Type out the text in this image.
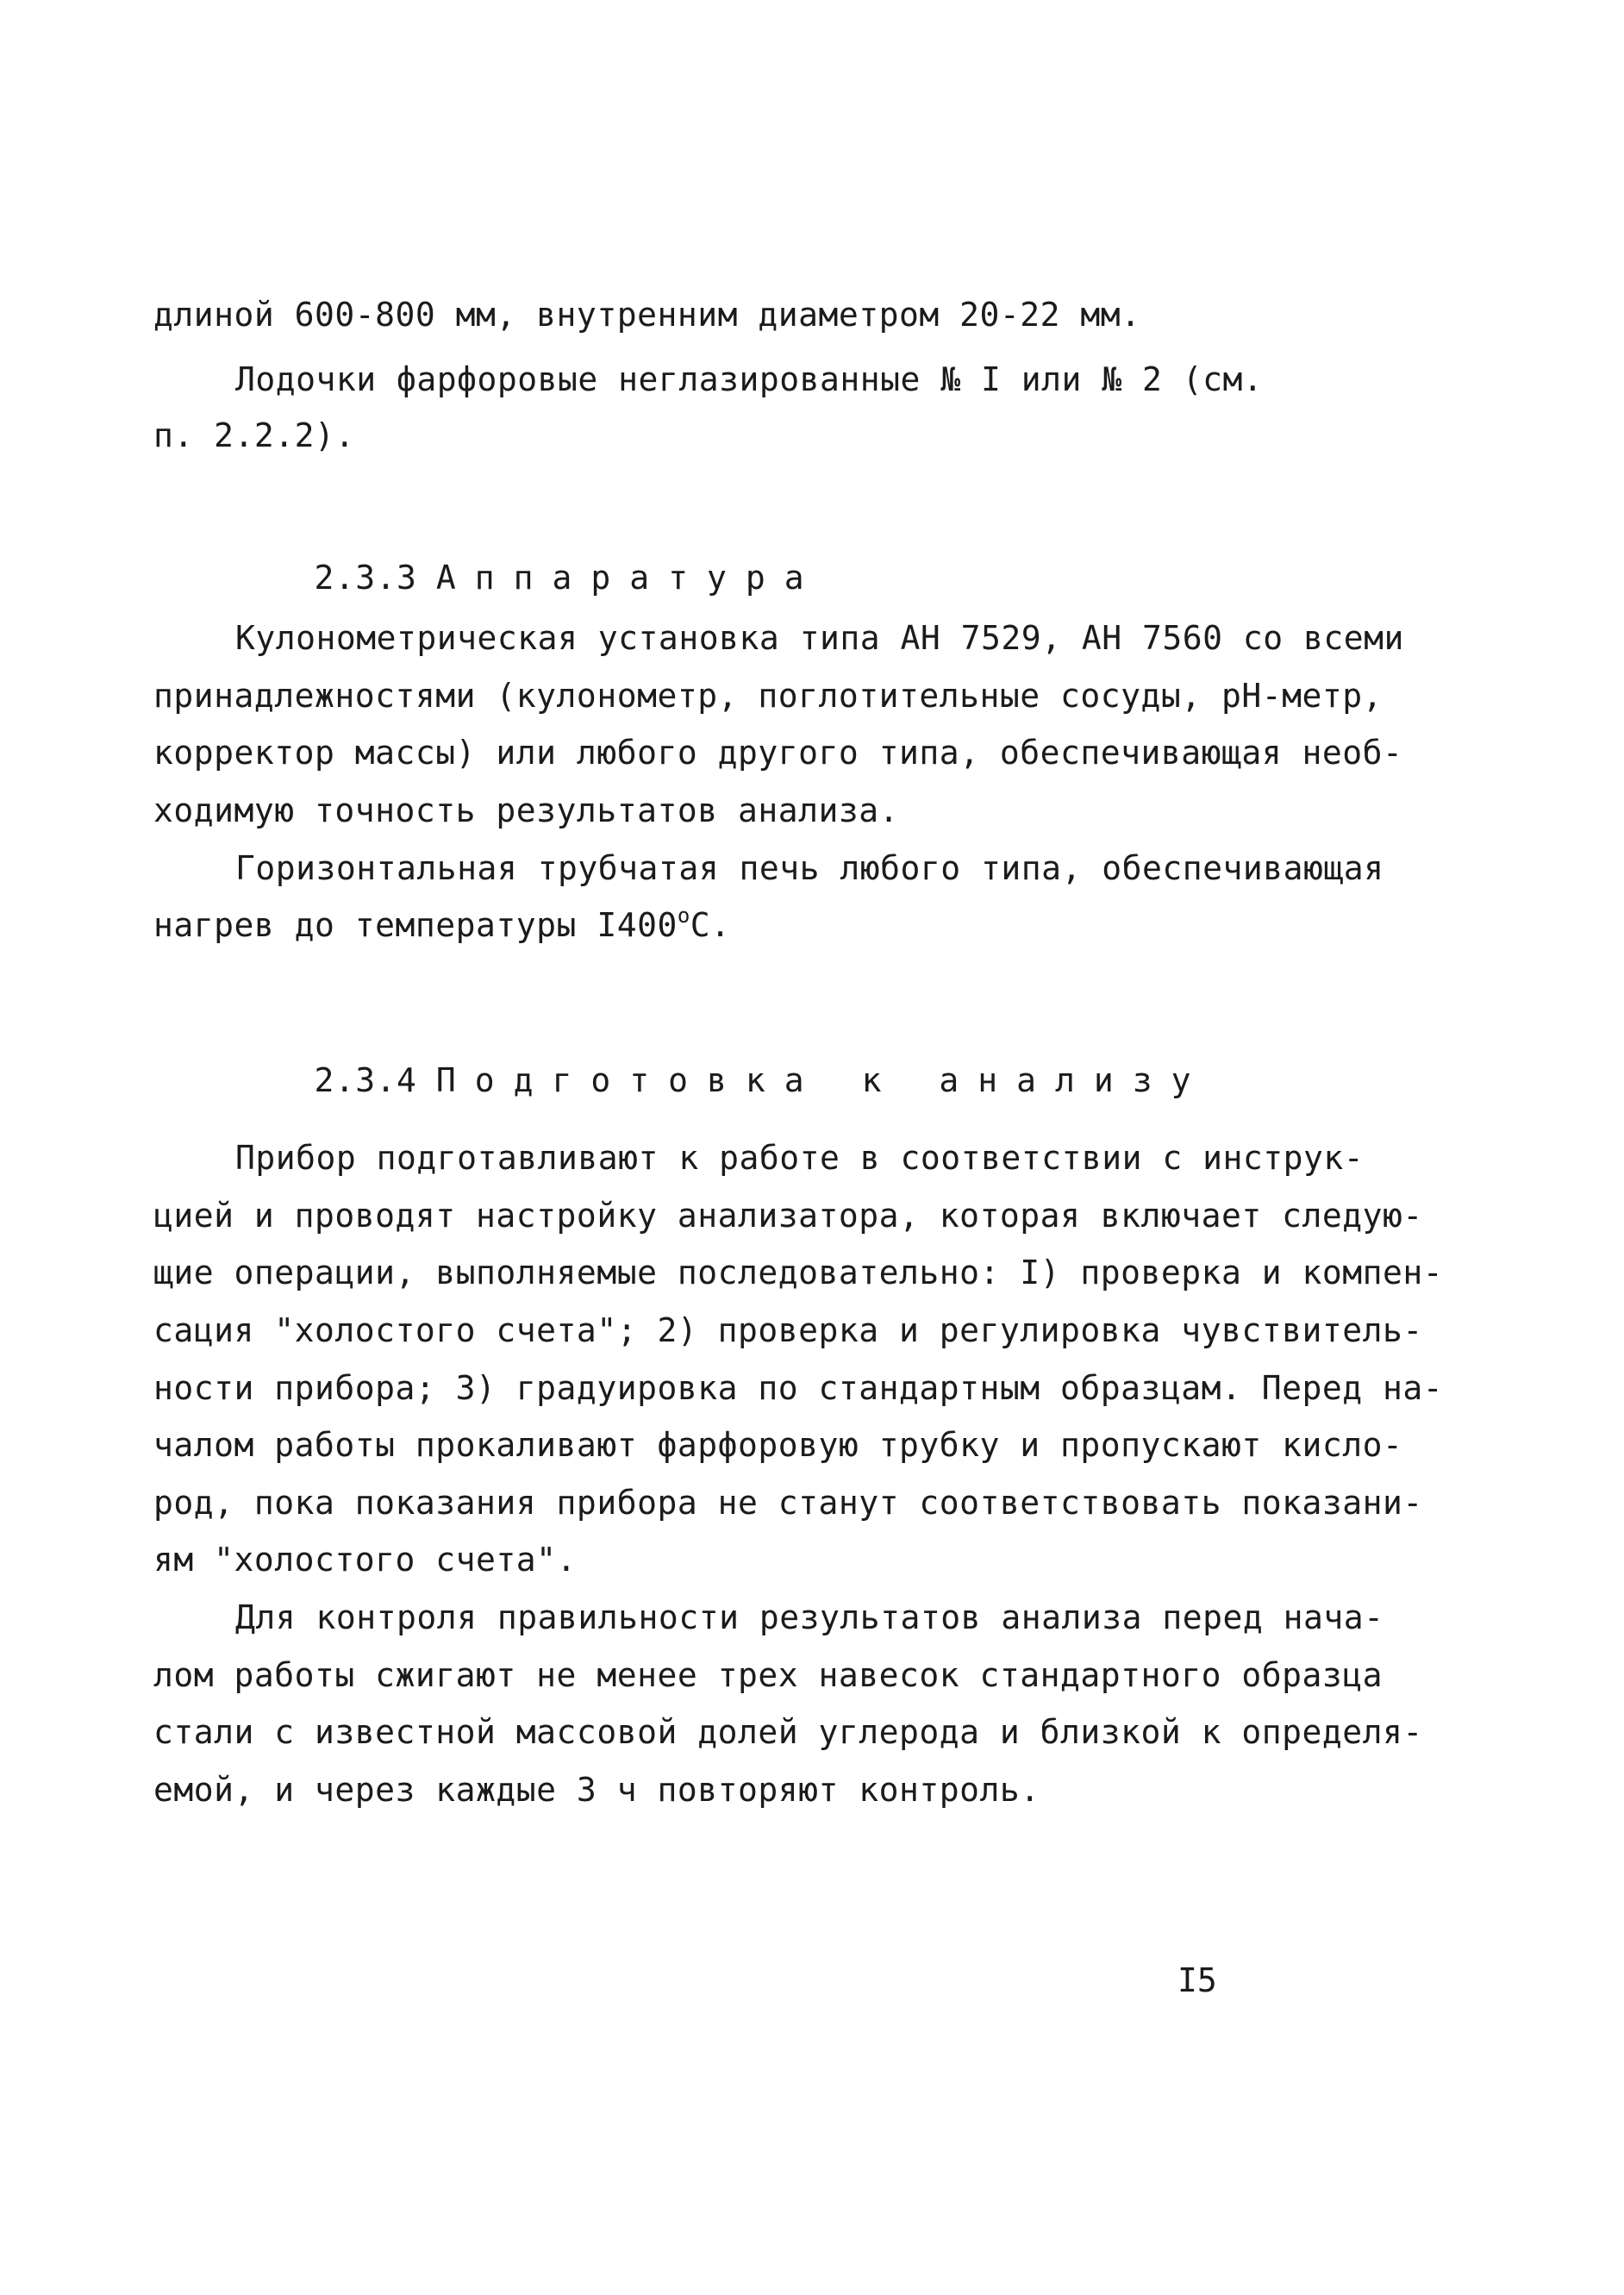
длиной 600-800 мм, внутренним диаметром 20-22 мм.
Лодочки фарфоровые неглазированные № I или № 2 (см.
п. 2.2.2).

2.3.3 Аппаратура

Кулонометрическая установка типа АН 7529, АН 7560 со всеми
принадлежностями (кулонометр, поглотительные сосуды, рН-метр,
корректор массы) или любого другого типа, обеспечивающая необ-
ходимую точность результатов анализа.
Горизонтальная трубчатая печь любого типа, обеспечивающая
нагрев до температуры I400$^o$С.

2.3.4 Подготовка к анализу

Прибор подготавливают к работе в соответствии с инструк-
цией и проводят настройку анализатора, которая включает следую-
щие операции, выполняемые последовательно: I) проверка и компен-
сация "холостого счета"; 2) проверка и регулировка чувствитель-
ности прибора; 3) градуировка по стандартным образцам. Перед на-
чалом работы прокаливают фарфоровую трубку и пропускают кисло-
род, пока показания прибора не станут соответствовать показани-
ям "холостого счета".
Для контроля правильности результатов анализа перед нача-
лом работы сжигают не менее трех навесок стандартного образца
стали с известной массовой долей углерода и близкой к определя-
емой, и через каждые 3 ч повторяют контроль.
I5
